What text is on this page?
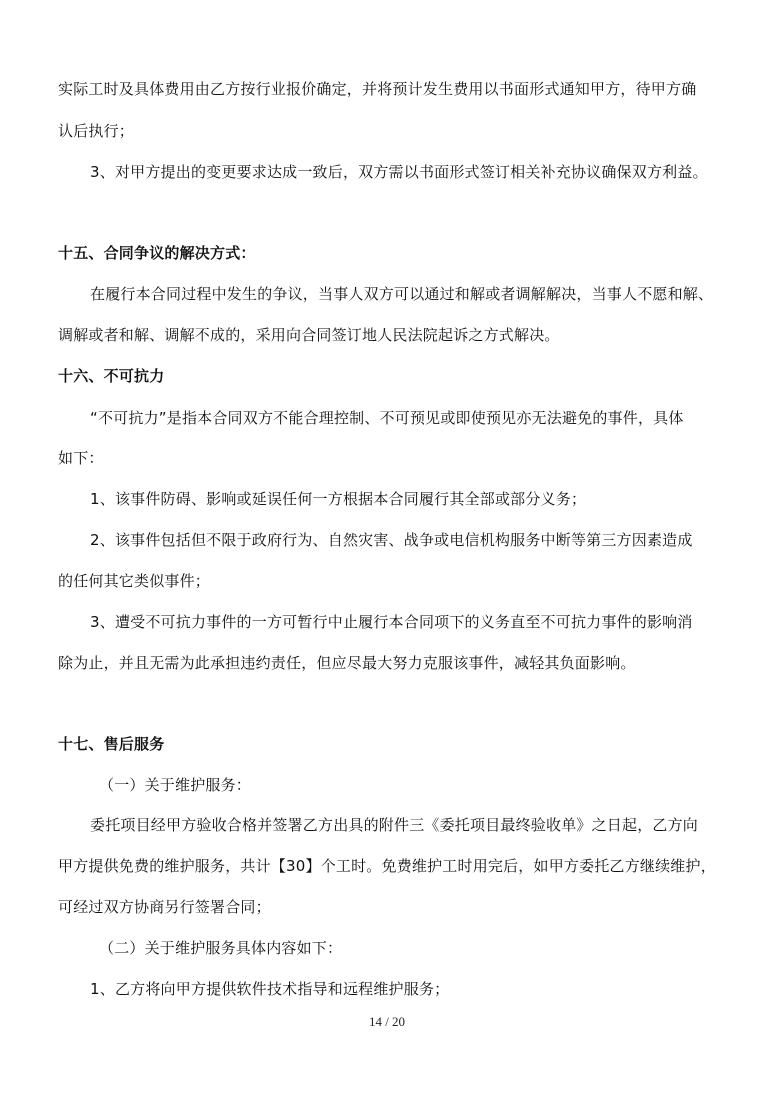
实际工时及具体费用由乙方按行业报价确定，并将预计发生费用以书面形式通知甲方，待甲方确
认后执行；
3、对甲方提出的变更要求达成一致后，双方需以书面形式签订相关补充协议确保双方利益。
十五、合同争议的解决方式：
在履行本合同过程中发生的争议，当事人双方可以通过和解或者调解解决，当事人不愿和解、
调解或者和解、调解不成的，采用向合同签订地人民法院起诉之方式解决。
十六、不可抗力
“不可抗力”是指本合同双方不能合理控制、不可预见或即使预见亦无法避免的事件，具体
如下：
1、该事件防碍、影响或延误任何一方根据本合同履行其全部或部分义务；
2、该事件包括但不限于政府行为、自然灾害、战争或电信机构服务中断等第三方因素造成
的任何其它类似事件；
3、遭受不可抗力事件的一方可暂行中止履行本合同项下的义务直至不可抗力事件的影响消
除为止，并且无需为此承担违约责任，但应尽最大努力克服该事件，减轻其负面影响。
十七、售后服务
（一）关于维护服务：
委托项目经甲方验收合格并签署乙方出具的附件三《委托项目最终验收单》之日起，乙方向
甲方提供免费的维护服务，共计【30】个工时。免费维护工时用完后，如甲方委托乙方继续维护，
可经过双方协商另行签署合同；
（二）关于维护服务具体内容如下：
1、乙方将向甲方提供软件技术指导和远程维护服务；
14 / 20
